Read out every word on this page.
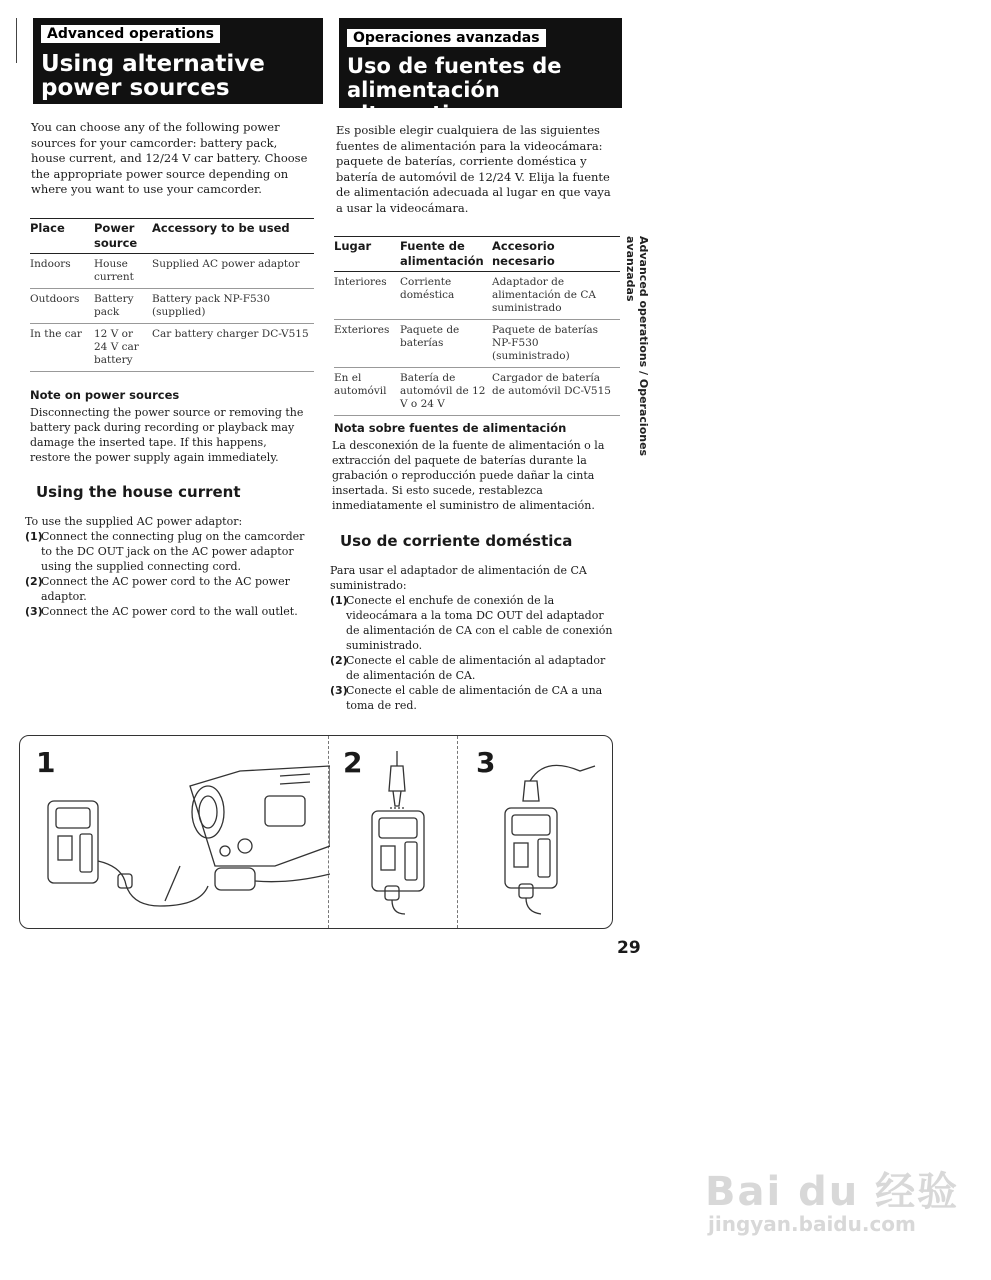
Advanced operations
Using alternative
power sources
Operaciones avanzadas
Uso de fuentes de
alimentación alternativas
You can choose any of the following power sources for your camcorder: battery pack, house current, and 12/24 V car battery. Choose the appropriate power source depending on where you want to use your camcorder.
Place	Power source	Accessory to be used
Indoors	House current	Supplied AC power adaptor
Outdoors	Battery pack	Battery pack NP-F530 (supplied)
In the car	12 V or 24 V car battery	Car battery charger DC-V515
Note on power sources
Disconnecting the power source or removing the battery pack during recording or playback may damage the inserted tape. If this happens, restore the power supply again immediately.
Using the house current
To use the supplied AC power adaptor:
(1)
Connect the connecting plug on the camcorder to the DC OUT jack on the AC power adaptor using the supplied connecting cord.
(2)
Connect the AC power cord to the AC power adaptor.
(3)
Connect the AC power cord to the wall outlet.
Es posible elegir cualquiera de las siguientes fuentes de alimentación para la videocámara: paquete de baterías, corriente doméstica y batería de automóvil de 12/24 V. Elija la fuente de alimentación adecuada al lugar en que vaya a usar la videocámara.
Lugar	Fuente de alimentación	Accesorio necesario
Interiores	Corriente doméstica	Adaptador de alimentación de CA suministrado
Exteriores	Paquete de baterías	Paquete de baterías NP-F530 (suministrado)
En el automóvil	Batería de automóvil de 12 V o 24 V	Cargador de batería de automóvil DC-V515
Nota sobre fuentes de alimentación
La desconexión de la fuente de alimentación o la extracción del paquete de baterías durante la grabación o reproducción puede dañar la cinta insertada. Si esto sucede, restablezca inmediatamente el suministro de alimentación.
Uso de corriente doméstica
Para usar el adaptador de alimentación de CA suministrado:
(1)
Conecte el enchufe de conexión de la videocámara a la toma DC OUT del adaptador de alimentación de CA con el cable de conexión suministrado.
(2)
Conecte el cable de alimentación al adaptador de alimentación de CA.
(3)
Conecte el cable de alimentación de CA a una toma de red.
Advanced operations / Operaciones avanzadas
1	2	3
29
Bai du 经验
jingyan.baidu.com
